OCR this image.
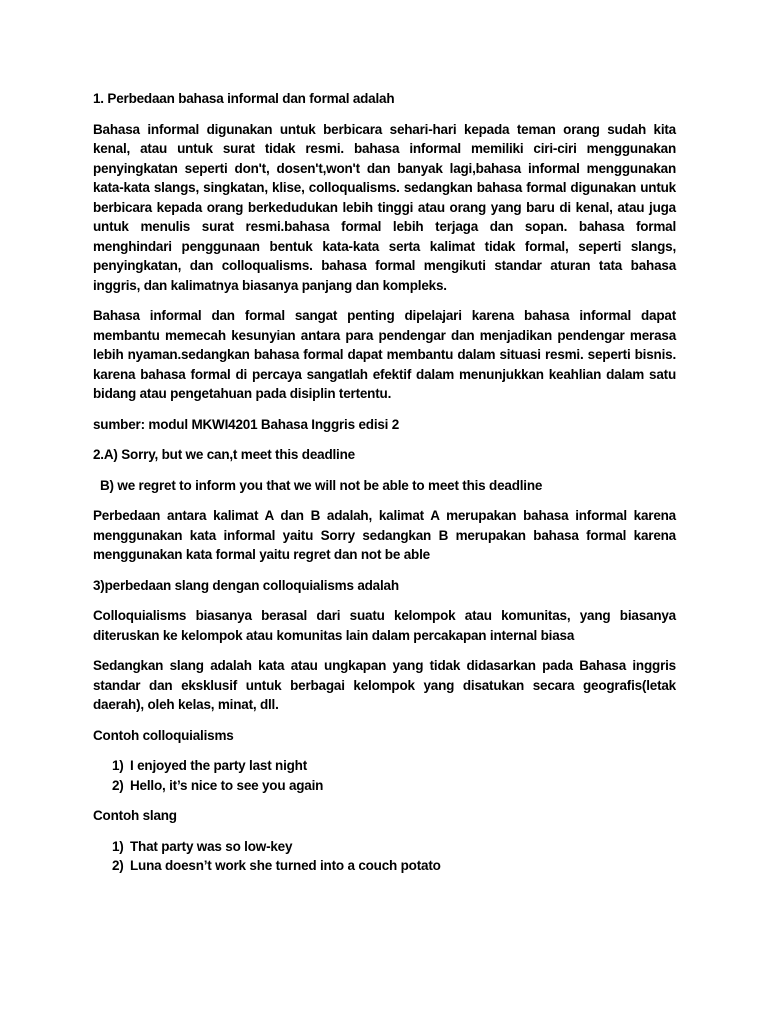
1. Perbedaan bahasa informal dan formal adalah
Bahasa informal digunakan untuk berbicara sehari-hari kepada teman orang sudah kita kenal, atau untuk surat tidak resmi. bahasa informal memiliki ciri-ciri menggunakan penyingkatan seperti don't, dosen't,won't dan banyak lagi,bahasa informal menggunakan kata-kata slangs, singkatan, klise, colloqualisms. sedangkan bahasa formal digunakan untuk berbicara kepada orang berkedudukan lebih tinggi atau orang yang baru di kenal, atau juga untuk menulis surat resmi.bahasa formal lebih terjaga dan sopan. bahasa formal menghindari penggunaan bentuk kata-kata serta kalimat tidak formal, seperti slangs, penyingkatan, dan colloqualisms. bahasa formal mengikuti standar aturan tata bahasa inggris, dan kalimatnya biasanya panjang dan kompleks.
Bahasa informal dan formal sangat penting dipelajari karena bahasa informal dapat membantu memecah kesunyian antara para pendengar dan menjadikan pendengar merasa lebih nyaman.sedangkan bahasa formal dapat membantu dalam situasi resmi. seperti bisnis. karena bahasa formal di percaya sangatlah efektif dalam menunjukkan keahlian dalam satu bidang atau pengetahuan pada disiplin tertentu.
sumber: modul MKWI4201 Bahasa Inggris edisi 2
2.A) Sorry, but we can,t meet this deadline
B) we regret to inform you that we will not be able to meet this deadline
Perbedaan antara kalimat A dan B adalah, kalimat A merupakan bahasa informal karena menggunakan kata informal yaitu Sorry sedangkan B merupakan bahasa formal karena menggunakan kata formal yaitu regret dan not be able
3)perbedaan slang dengan colloquialisms adalah
Colloquialisms biasanya berasal dari suatu kelompok atau komunitas, yang biasanya diteruskan ke kelompok atau komunitas lain dalam percakapan internal biasa
Sedangkan slang adalah kata atau ungkapan yang tidak didasarkan pada Bahasa inggris standar dan eksklusif untuk berbagai kelompok yang disatukan secara geografis(letak daerah), oleh kelas, minat, dll.
Contoh colloquialisms
1) I enjoyed the party last night
2) Hello, it’s nice to see you again
Contoh slang
1) That party was so low-key
2) Luna doesn’t work she turned into a couch potato
